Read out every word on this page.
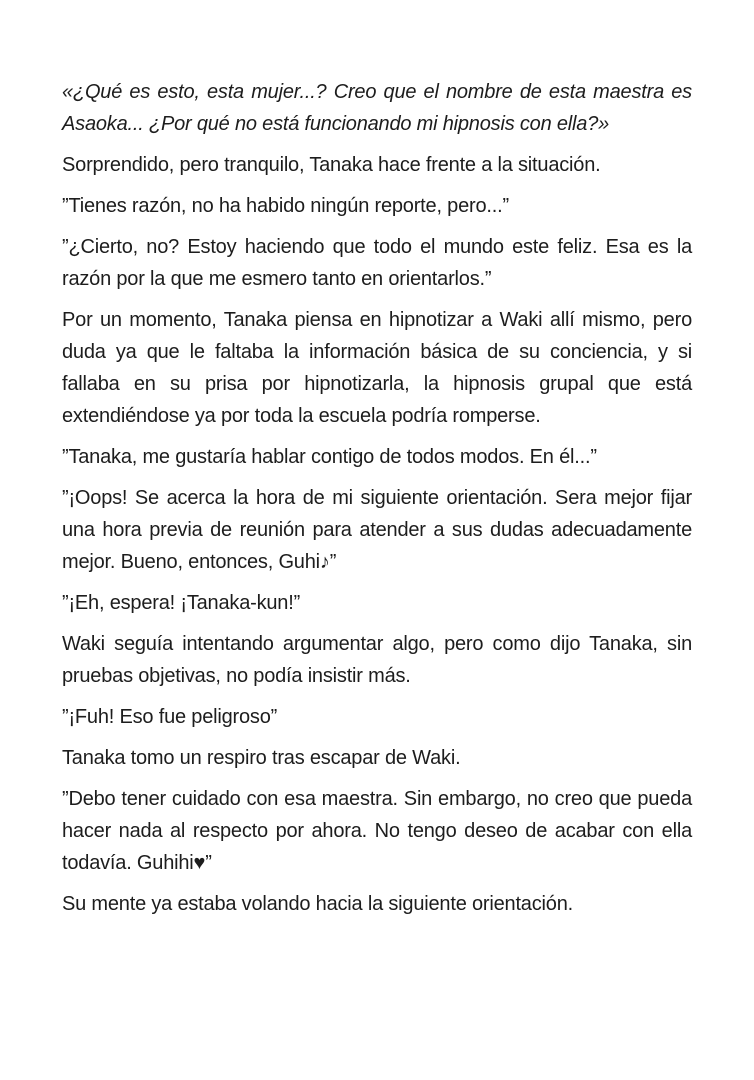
«¿Qué es esto, esta mujer...? Creo que el nombre de esta maestra es Asaoka... ¿Por qué no está funcionando mi hipnosis con ella?»

Sorprendido, pero tranquilo, Tanaka hace frente a la situación.

”Tienes razón, no ha habido ningún reporte, pero...”

”¿Cierto, no? Estoy haciendo que todo el mundo este feliz. Esa es la razón por la que me esmero tanto en orientarlos.”

Por un momento, Tanaka piensa en hipnotizar a Waki allí mismo, pero duda ya que le faltaba la información básica de su conciencia, y si fallaba en su prisa por hipnotizarla, la hipnosis grupal que está extendiéndose ya por toda la escuela podría romperse.

”Tanaka, me gustaría hablar contigo de todos modos. En él...”

”¡Oops! Se acerca la hora de mi siguiente orientación. Sera mejor fijar una hora previa de reunión para atender a sus dudas adecuadamente mejor. Bueno, entonces, Guhi♪”

”¡Eh, espera! ¡Tanaka-kun!”

Waki seguía intentando argumentar algo, pero como dijo Tanaka, sin pruebas objetivas, no podía insistir más.

”¡Fuh! Eso fue peligroso”

Tanaka tomo un respiro tras escapar de Waki.

”Debo tener cuidado con esa maestra. Sin embargo, no creo que pueda hacer nada al respecto por ahora. No tengo deseo de acabar con ella todavía. Guhihi♥”

Su mente ya estaba volando hacia la siguiente orientación.
